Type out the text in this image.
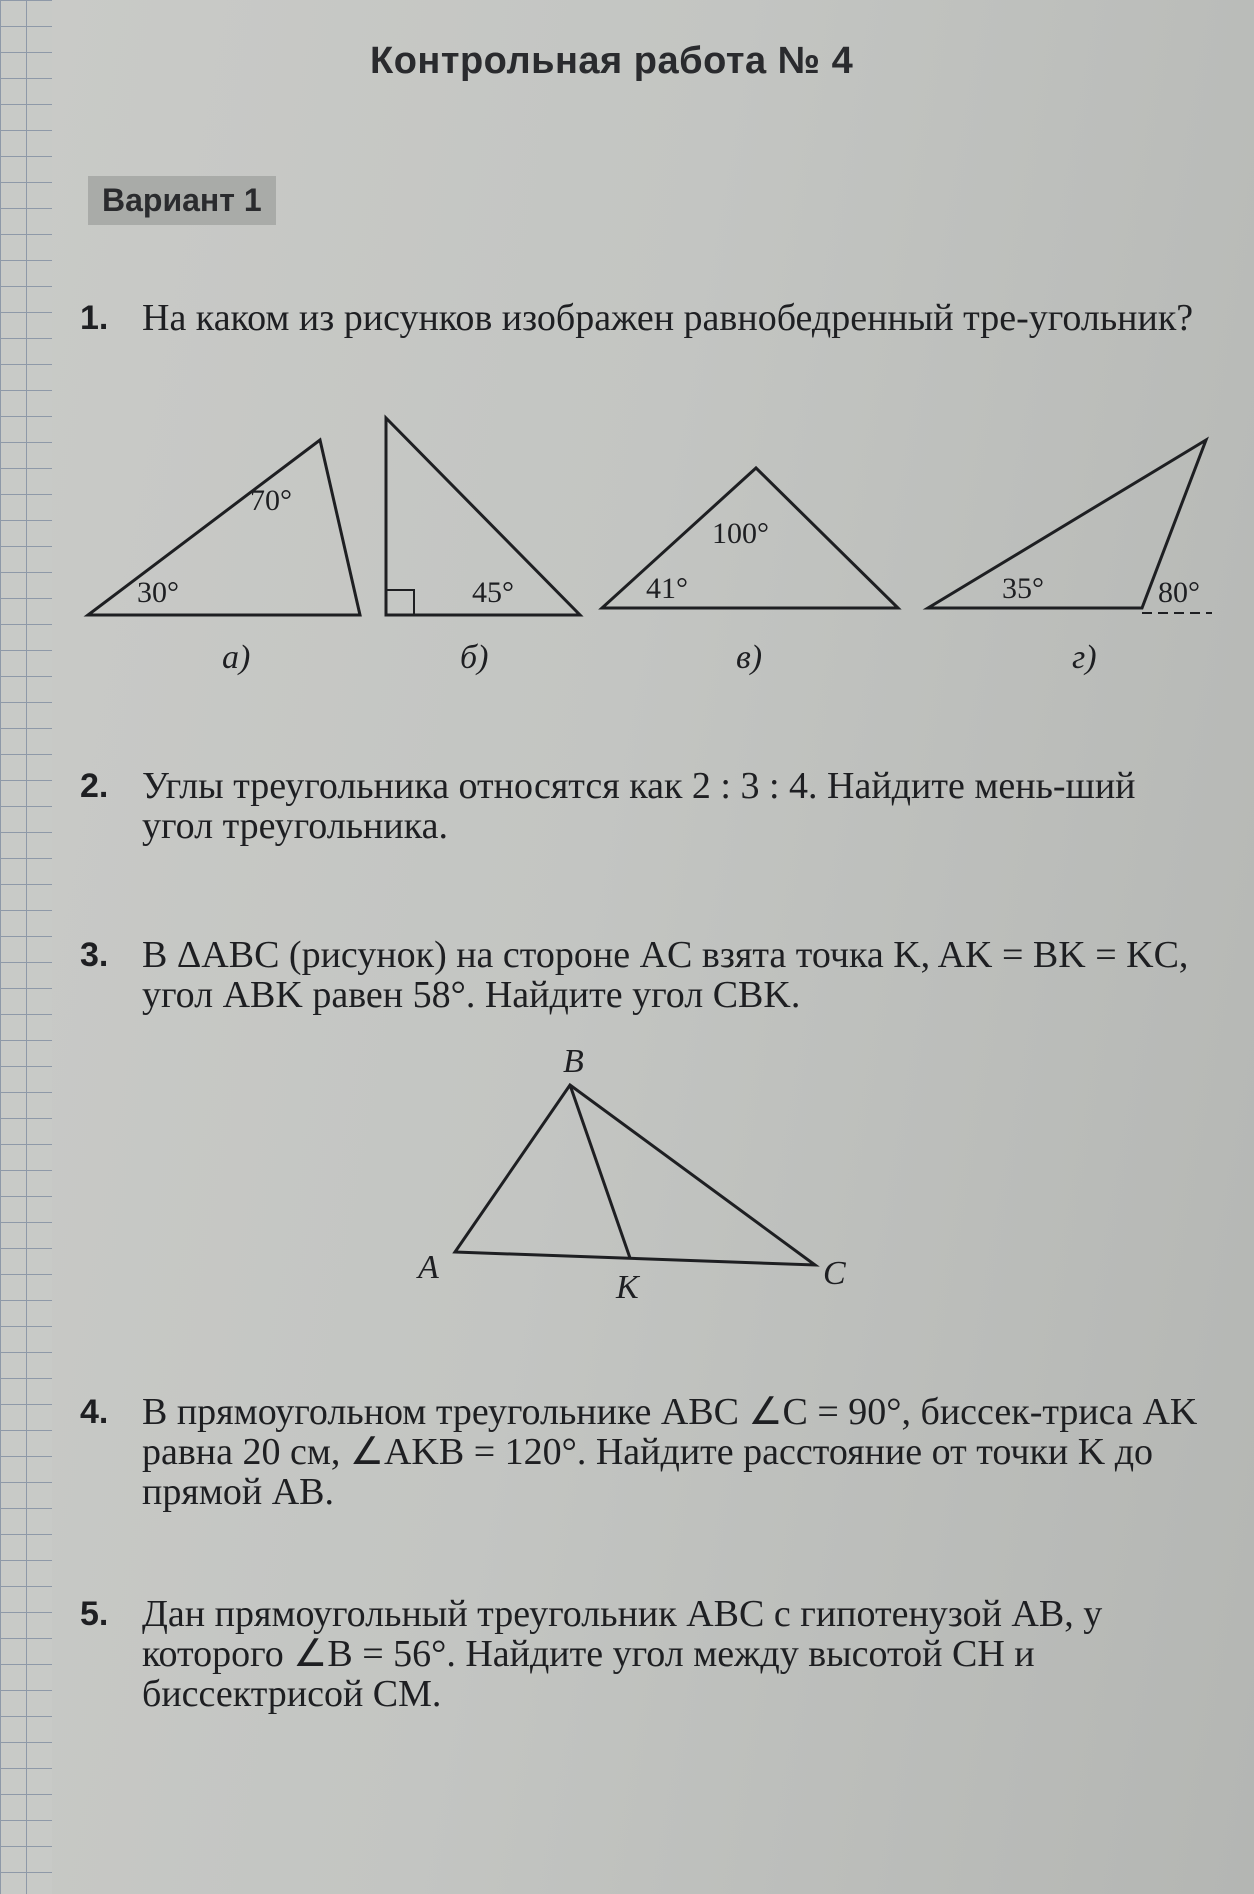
Контрольная работа № 4
Вариант 1
1. На каком из рисунков изображен равнобедренный тре-угольник?
70°
30°
а)
45°
б)
100°
41°
в)
35°	80°
г)
2. Углы треугольника относятся как 2 : 3 : 4. Найдите мень-ший угол треугольника.
3. В ΔABC (рисунок) на стороне AC взята точка K, AK = BK = KC, угол ABK равен 58°. Найдите угол CBK.
B
A	C
K
4. В прямоугольном треугольнике ABC ∠C = 90°, биссек-триса AK равна 20 см, ∠AKB = 120°. Найдите расстояние от точки K до прямой AB.
5. Дан прямоугольный треугольник ABC с гипотенузой AB, у которого ∠B = 56°. Найдите угол между высотой CH и биссектрисой CM.
